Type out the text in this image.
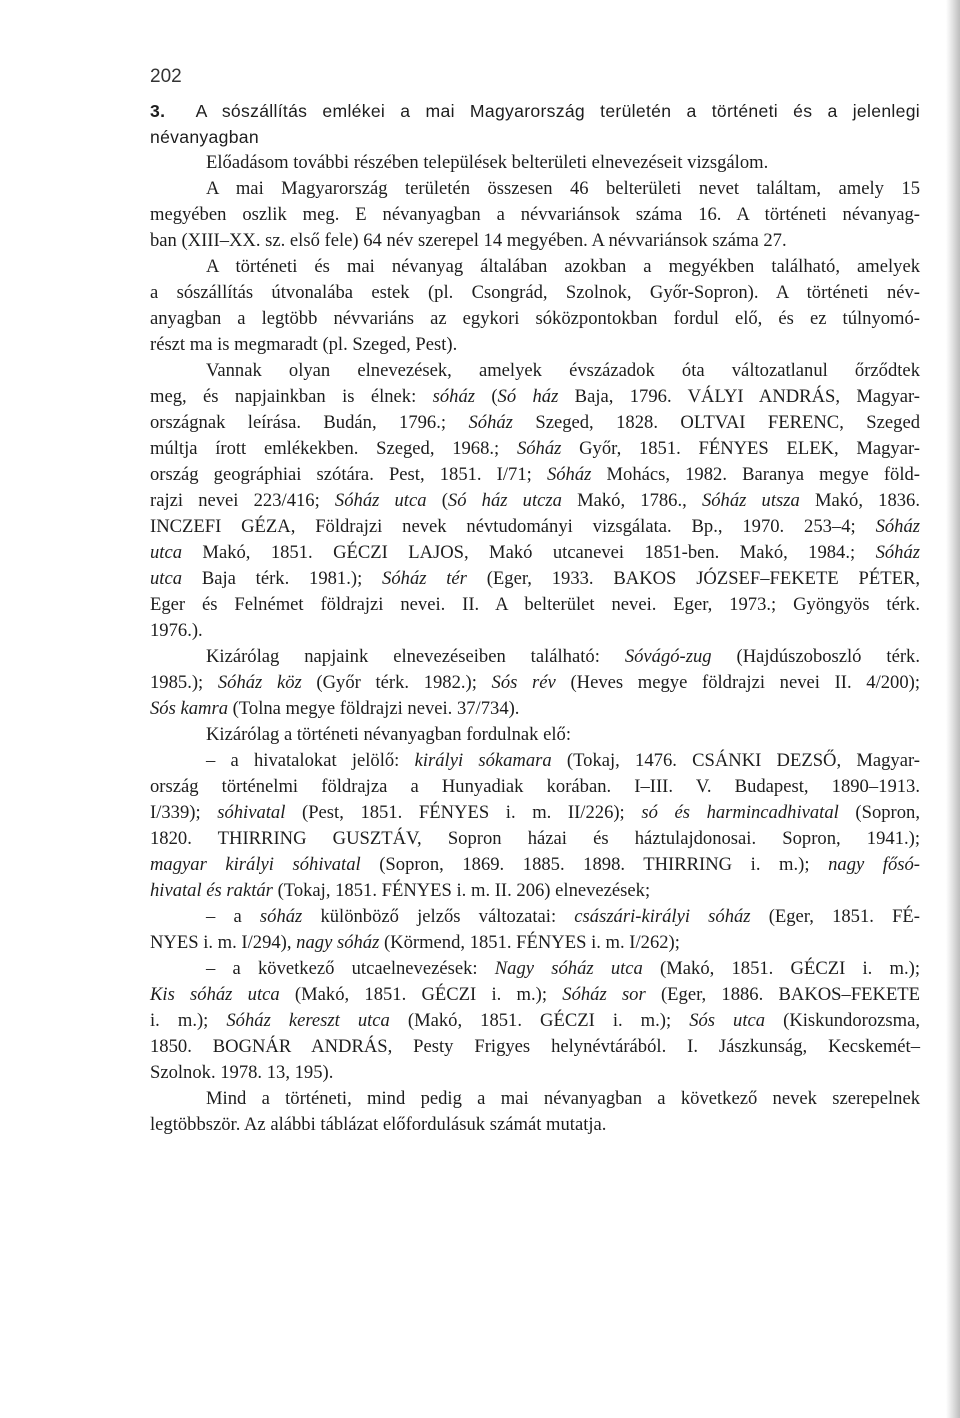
202
3. A sószállítás emlékei a mai Magyarország területén a történeti és a jelenlegi
névanyagban
Előadásom további részében települések belterületi elnevezéseit vizsgálom.
A mai Magyarország területén összesen 46 belterületi nevet találtam, amely 15
megyében oszlik meg. E névanyagban a névvariánsok száma 16. A történeti névanyag-
ban (XIII–XX. sz. első fele) 64 név szerepel 14 megyében. A névvariánsok száma 27.
A történeti és mai névanyag általában azokban a megyékben található, amelyek
a sószállítás útvonalába estek (pl. Csongrád, Szolnok, Győr-Sopron). A történeti név-
anyagban a legtöbb névvariáns az egykori sóközpontokban fordul elő, és ez túlnyomó-
részt ma is megmaradt (pl. Szeged, Pest).
Vannak olyan elnevezések, amelyek évszázadok óta változatlanul őrződtek
meg, és napjainkban is élnek: sóház (Só ház Baja, 1796. VÁLYI ANDRÁS, Magyar-
országnak leírása. Budán, 1796.; Sóház Szeged, 1828. OLTVAI FERENC, Szeged
múltja írott emlékekben. Szeged, 1968.; Sóház Győr, 1851. FÉNYES ELEK, Magyar-
ország geográphiai szótára. Pest, 1851. I/71; Sóház Mohács, 1982. Baranya megye föld-
rajzi nevei 223/416; Sóház utca (Só ház utcza Makó, 1786., Sóház utsza Makó, 1836.
INCZEFI GÉZA, Földrajzi nevek névtudományi vizsgálata. Bp., 1970. 253–4; Sóház
utca Makó, 1851. GÉCZI LAJOS, Makó utcanevei 1851-ben. Makó, 1984.; Sóház
utca Baja térk. 1981.); Sóház tér (Eger, 1933. BAKOS JÓZSEF–FEKETE PÉTER,
Eger és Felnémet földrajzi nevei. II. A belterület nevei. Eger, 1973.; Gyöngyös térk.
1976.).
Kizárólag napjaink elnevezéseiben található: Sóvágó-zug (Hajdúszoboszló térk.
1985.); Sóház köz (Győr térk. 1982.); Sós rév (Heves megye földrajzi nevei II. 4/200);
Sós kamra (Tolna megye földrajzi nevei. 37/734).
Kizárólag a történeti névanyagban fordulnak elő:
– a hivatalokat jelölő: királyi sókamara (Tokaj, 1476. CSÁNKI DEZSŐ, Magyar-
ország történelmi földrajza a Hunyadiak korában. I–III. V. Budapest, 1890–1913.
I/339); sóhivatal (Pest, 1851. FÉNYES i. m. II/226); só és harmincadhivatal (Sopron,
1820. THIRRING GUSZTÁV, Sopron házai és háztulajdonosai. Sopron, 1941.);
magyar királyi sóhivatal (Sopron, 1869. 1885. 1898. THIRRING i. m.); nagy fősó-
hivatal és raktár (Tokaj, 1851. FÉNYES i. m. II. 206) elnevezések;
– a sóház különböző jelzős változatai: császári-királyi sóház (Eger, 1851. FÉ-
NYES i. m. I/294), nagy sóház (Körmend, 1851. FÉNYES i. m. I/262);
– a következő utcaelnevezések: Nagy sóház utca (Makó, 1851. GÉCZI i. m.);
Kis sóház utca (Makó, 1851. GÉCZI i. m.); Sóház sor (Eger, 1886. BAKOS–FEKETE
i. m.); Sóház kereszt utca (Makó, 1851. GÉCZI i. m.); Sós utca (Kiskundorozsma,
1850. BOGNÁR ANDRÁS, Pesty Frigyes helynévtárából. I. Jászkunság, Kecskemét–
Szolnok. 1978. 13, 195).
Mind a történeti, mind pedig a mai névanyagban a következő nevek szerepelnek
legtöbbször. Az alábbi táblázat előfordulásuk számát mutatja.
